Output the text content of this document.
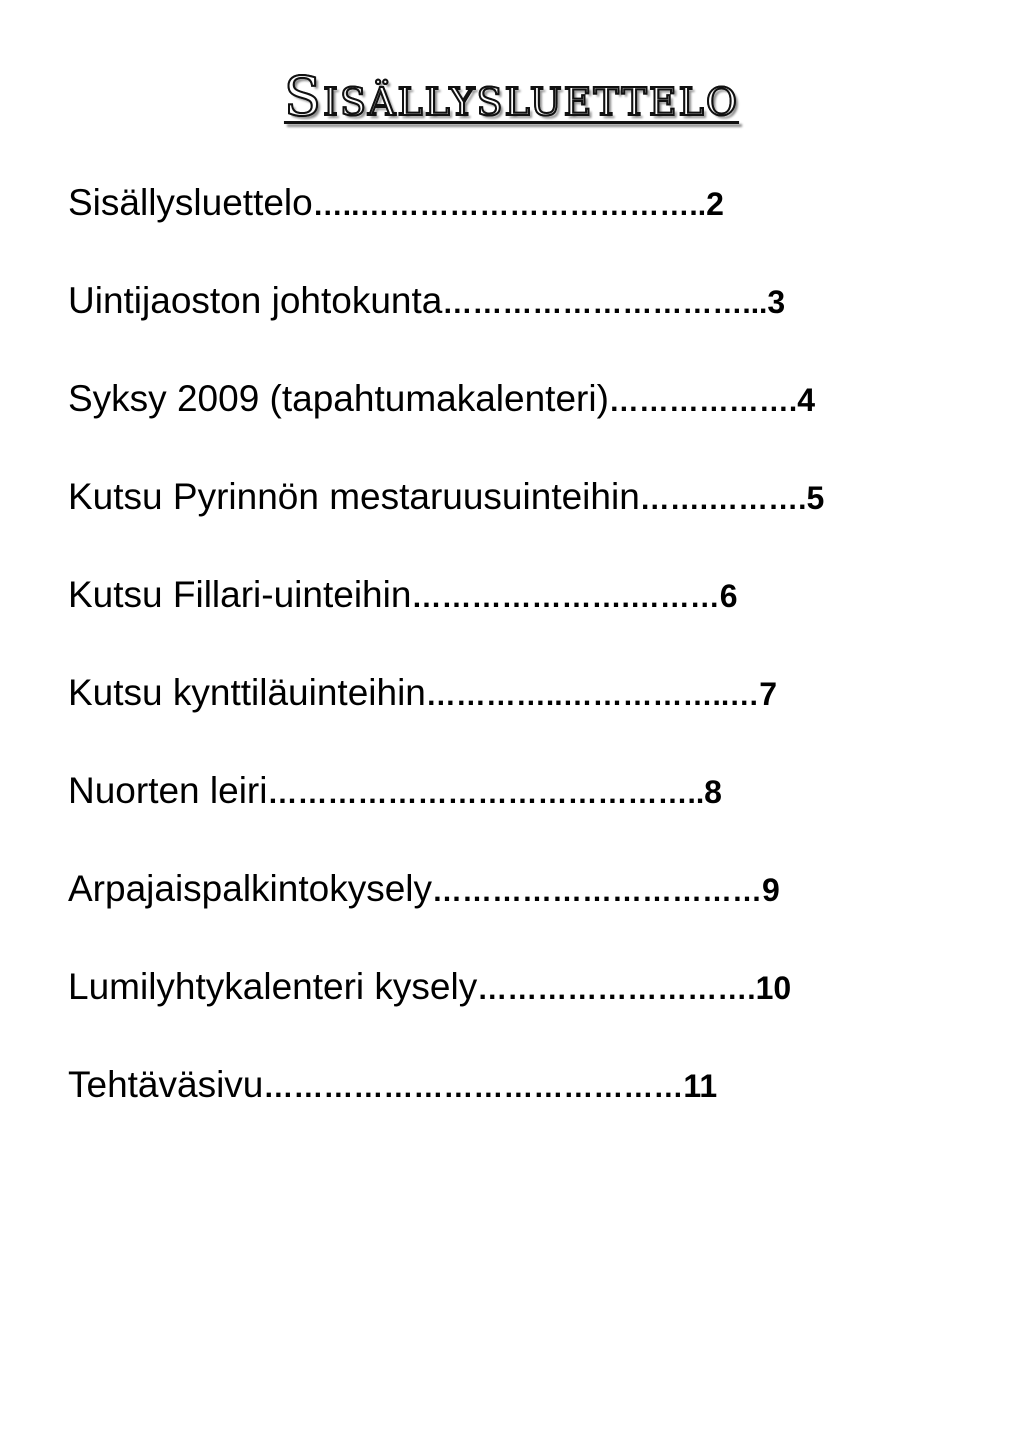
Sisällysluettelo
Sisällysluettelo…..……………………………..2
Uintijaoston johtokunta…………………………...3
Syksy 2009 (tapahtumakalenteri)……………….4
Kutsu Pyrinnön mestaruusuinteihin…….……….5
Kutsu Fillari-uinteihin………………….………6
Kutsu kynttiläuinteihin…………..……………..…7
Nuorten leiri……………………………………..8
Arpajaispalkintokysely……………………………9
Lumilyhtykalenteri kysely……………………….10
Tehtäväsivu……………………………………11
